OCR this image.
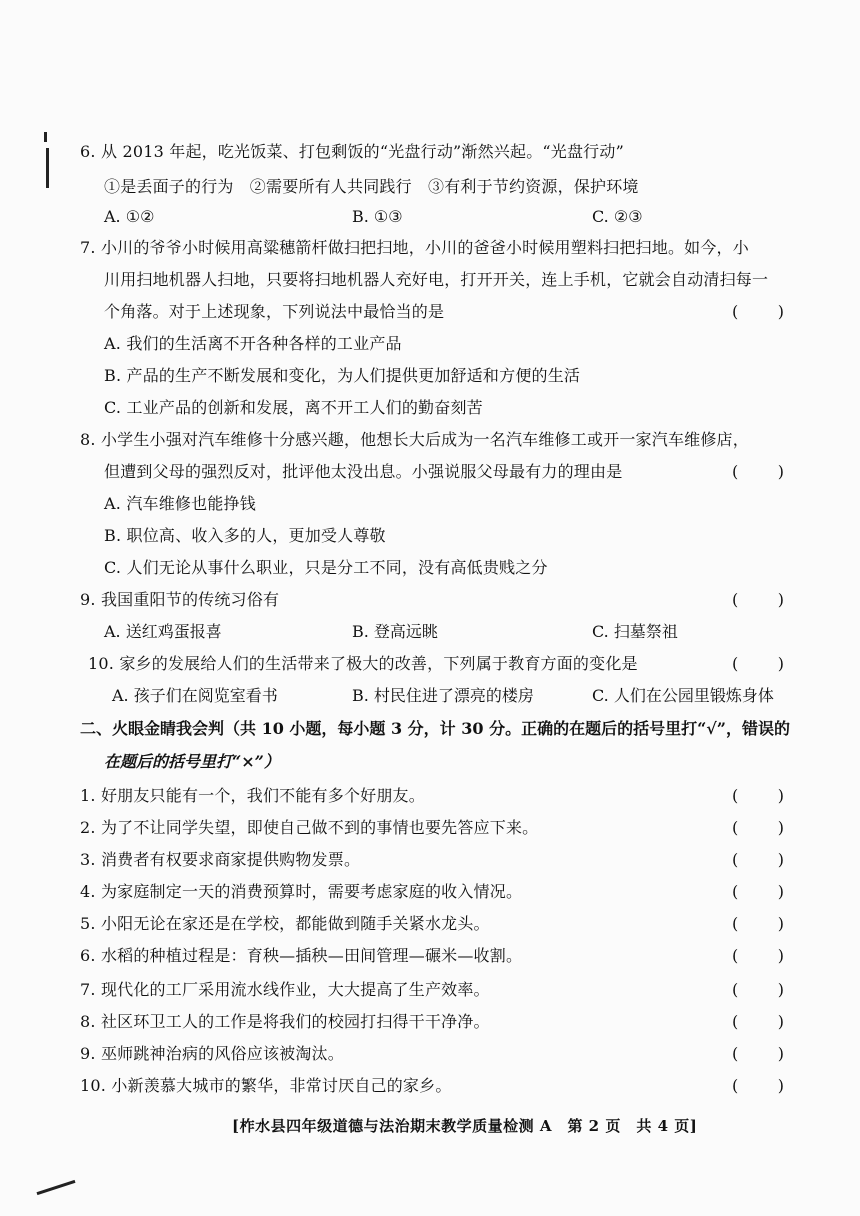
6. 从 2013 年起，吃光饭菜、打包剩饭的“光盘行动”渐然兴起。“光盘行动”
①是丢面子的行为　②需要所有人共同践行　③有利于节约资源，保护环境
A. ①②	B. ①③	C. ②③
7. 小川的爷爷小时候用高粱穗箭杆做扫把扫地，小川的爸爸小时候用塑料扫把扫地。如今，小
川用扫地机器人扫地，只要将扫地机器人充好电，打开开关，连上手机，它就会自动清扫每一
个角落。对于上述现象，下列说法中最恰当的是	( )
A. 我们的生活离不开各种各样的工业产品
B. 产品的生产不断发展和变化，为人们提供更加舒适和方便的生活
C. 工业产品的创新和发展，离不开工人们的勤奋刻苦
8. 小学生小强对汽车维修十分感兴趣，他想长大后成为一名汽车维修工或开一家汽车维修店，
但遭到父母的强烈反对，批评他太没出息。小强说服父母最有力的理由是	( )
A. 汽车维修也能挣钱
B. 职位高、收入多的人，更加受人尊敬
C. 人们无论从事什么职业，只是分工不同，没有高低贵贱之分
9. 我国重阳节的传统习俗有	( )
A. 送红鸡蛋报喜	B. 登高远眺	C. 扫墓祭祖
10. 家乡的发展给人们的生活带来了极大的改善，下列属于教育方面的变化是	( )
A. 孩子们在阅览室看书	B. 村民住进了漂亮的楼房	C. 人们在公园里锻炼身体
二、火眼金睛我会判（共 10 小题，每小题 3 分，计 30 分。正确的在题后的括号里打“√”，错误的
在题后的括号里打“×”）
1. 好朋友只能有一个，我们不能有多个好朋友。	( )
2. 为了不让同学失望，即使自己做不到的事情也要先答应下来。	( )
3. 消费者有权要求商家提供购物发票。	( )
4. 为家庭制定一天的消费预算时，需要考虑家庭的收入情况。	( )
5. 小阳无论在家还是在学校，都能做到随手关紧水龙头。	( )
6. 水稻的种植过程是：育秧—插秧—田间管理—碾米—收割。	( )
7. 现代化的工厂采用流水线作业，大大提高了生产效率。	( )
8. 社区环卫工人的工作是将我们的校园打扫得干干净净。	( )
9. 巫师跳神治病的风俗应该被淘汰。	( )
10. 小新羡慕大城市的繁华，非常讨厌自己的家乡。	( )
[柞水县四年级道德与法治期末教学质量检测 A　第 2 页　共 4 页]
